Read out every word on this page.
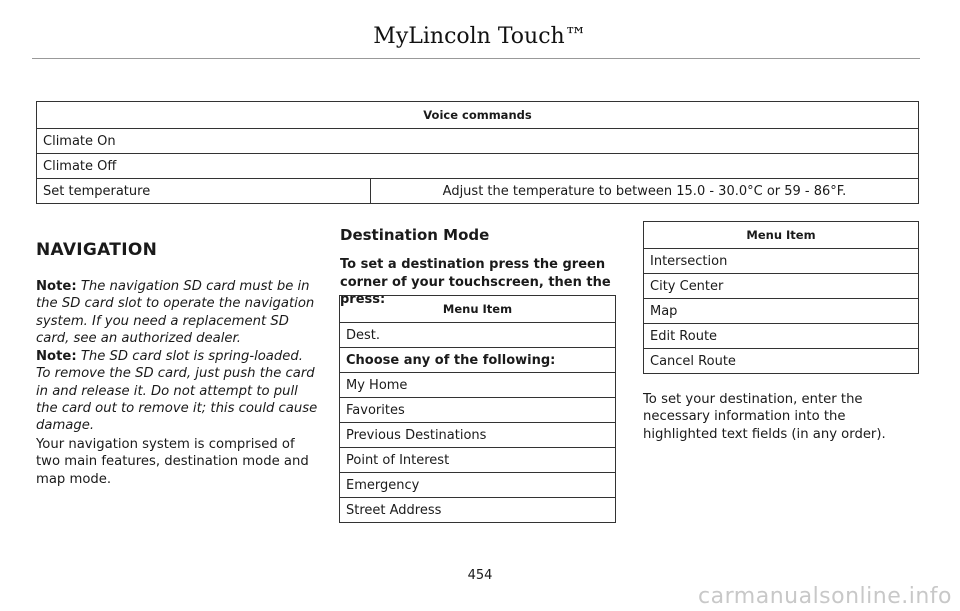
MyLincoln Touch™
Voice commands
Climate On
Climate Off
Set temperature	Adjust the temperature to between 15.0 - 30.0°C or 59 - 86°F.
NAVIGATION
Note: The navigation SD card must be in the SD card slot to operate the navigation system. If you need a replacement SD card, see an authorized dealer.
Note: The SD card slot is spring-loaded. To remove the SD card, just push the card in and release it. Do not attempt to pull the card out to remove it; this could cause damage.
Your navigation system is comprised of two main features, destination mode and map mode.
Destination Mode
To set a destination press the green corner of your touchscreen, then the press:
Menu Item
Dest.
Choose any of the following:
My Home
Favorites
Previous Destinations
Point of Interest
Emergency
Street Address
Menu Item
Intersection
City Center
Map
Edit Route
Cancel Route
To set your destination, enter the necessary information into the highlighted text fields (in any order).
454
carmanualsonline.info
